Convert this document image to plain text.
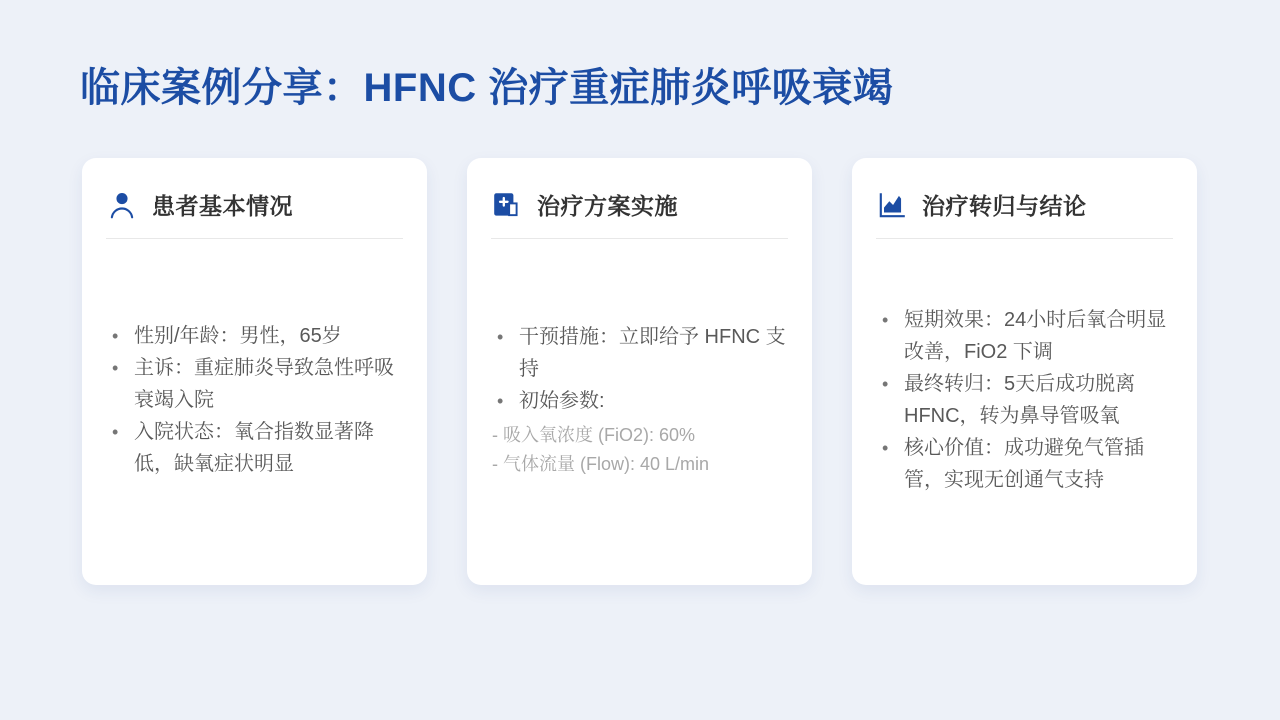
临床案例分享：HFNC 治疗重症肺炎呼吸衰竭
患者基本情况
• 性别/年龄：男性，65岁
• 主诉：重症肺炎导致急性呼吸衰竭入院
• 入院状态：氧合指数显著降低，缺氧症状明显
治疗方案实施
• 干预措施：立即给予 HFNC 支持
• 初始参数:
- 吸入氧浓度 (FiO2): 60%
- 气体流量 (Flow): 40 L/min
治疗转归与结论
• 短期效果：24小时后氧合明显改善，FiO2 下调
• 最终转归：5天后成功脱离 HFNC，转为鼻导管吸氧
• 核心价值：成功避免气管插管，实现无创通气支持
